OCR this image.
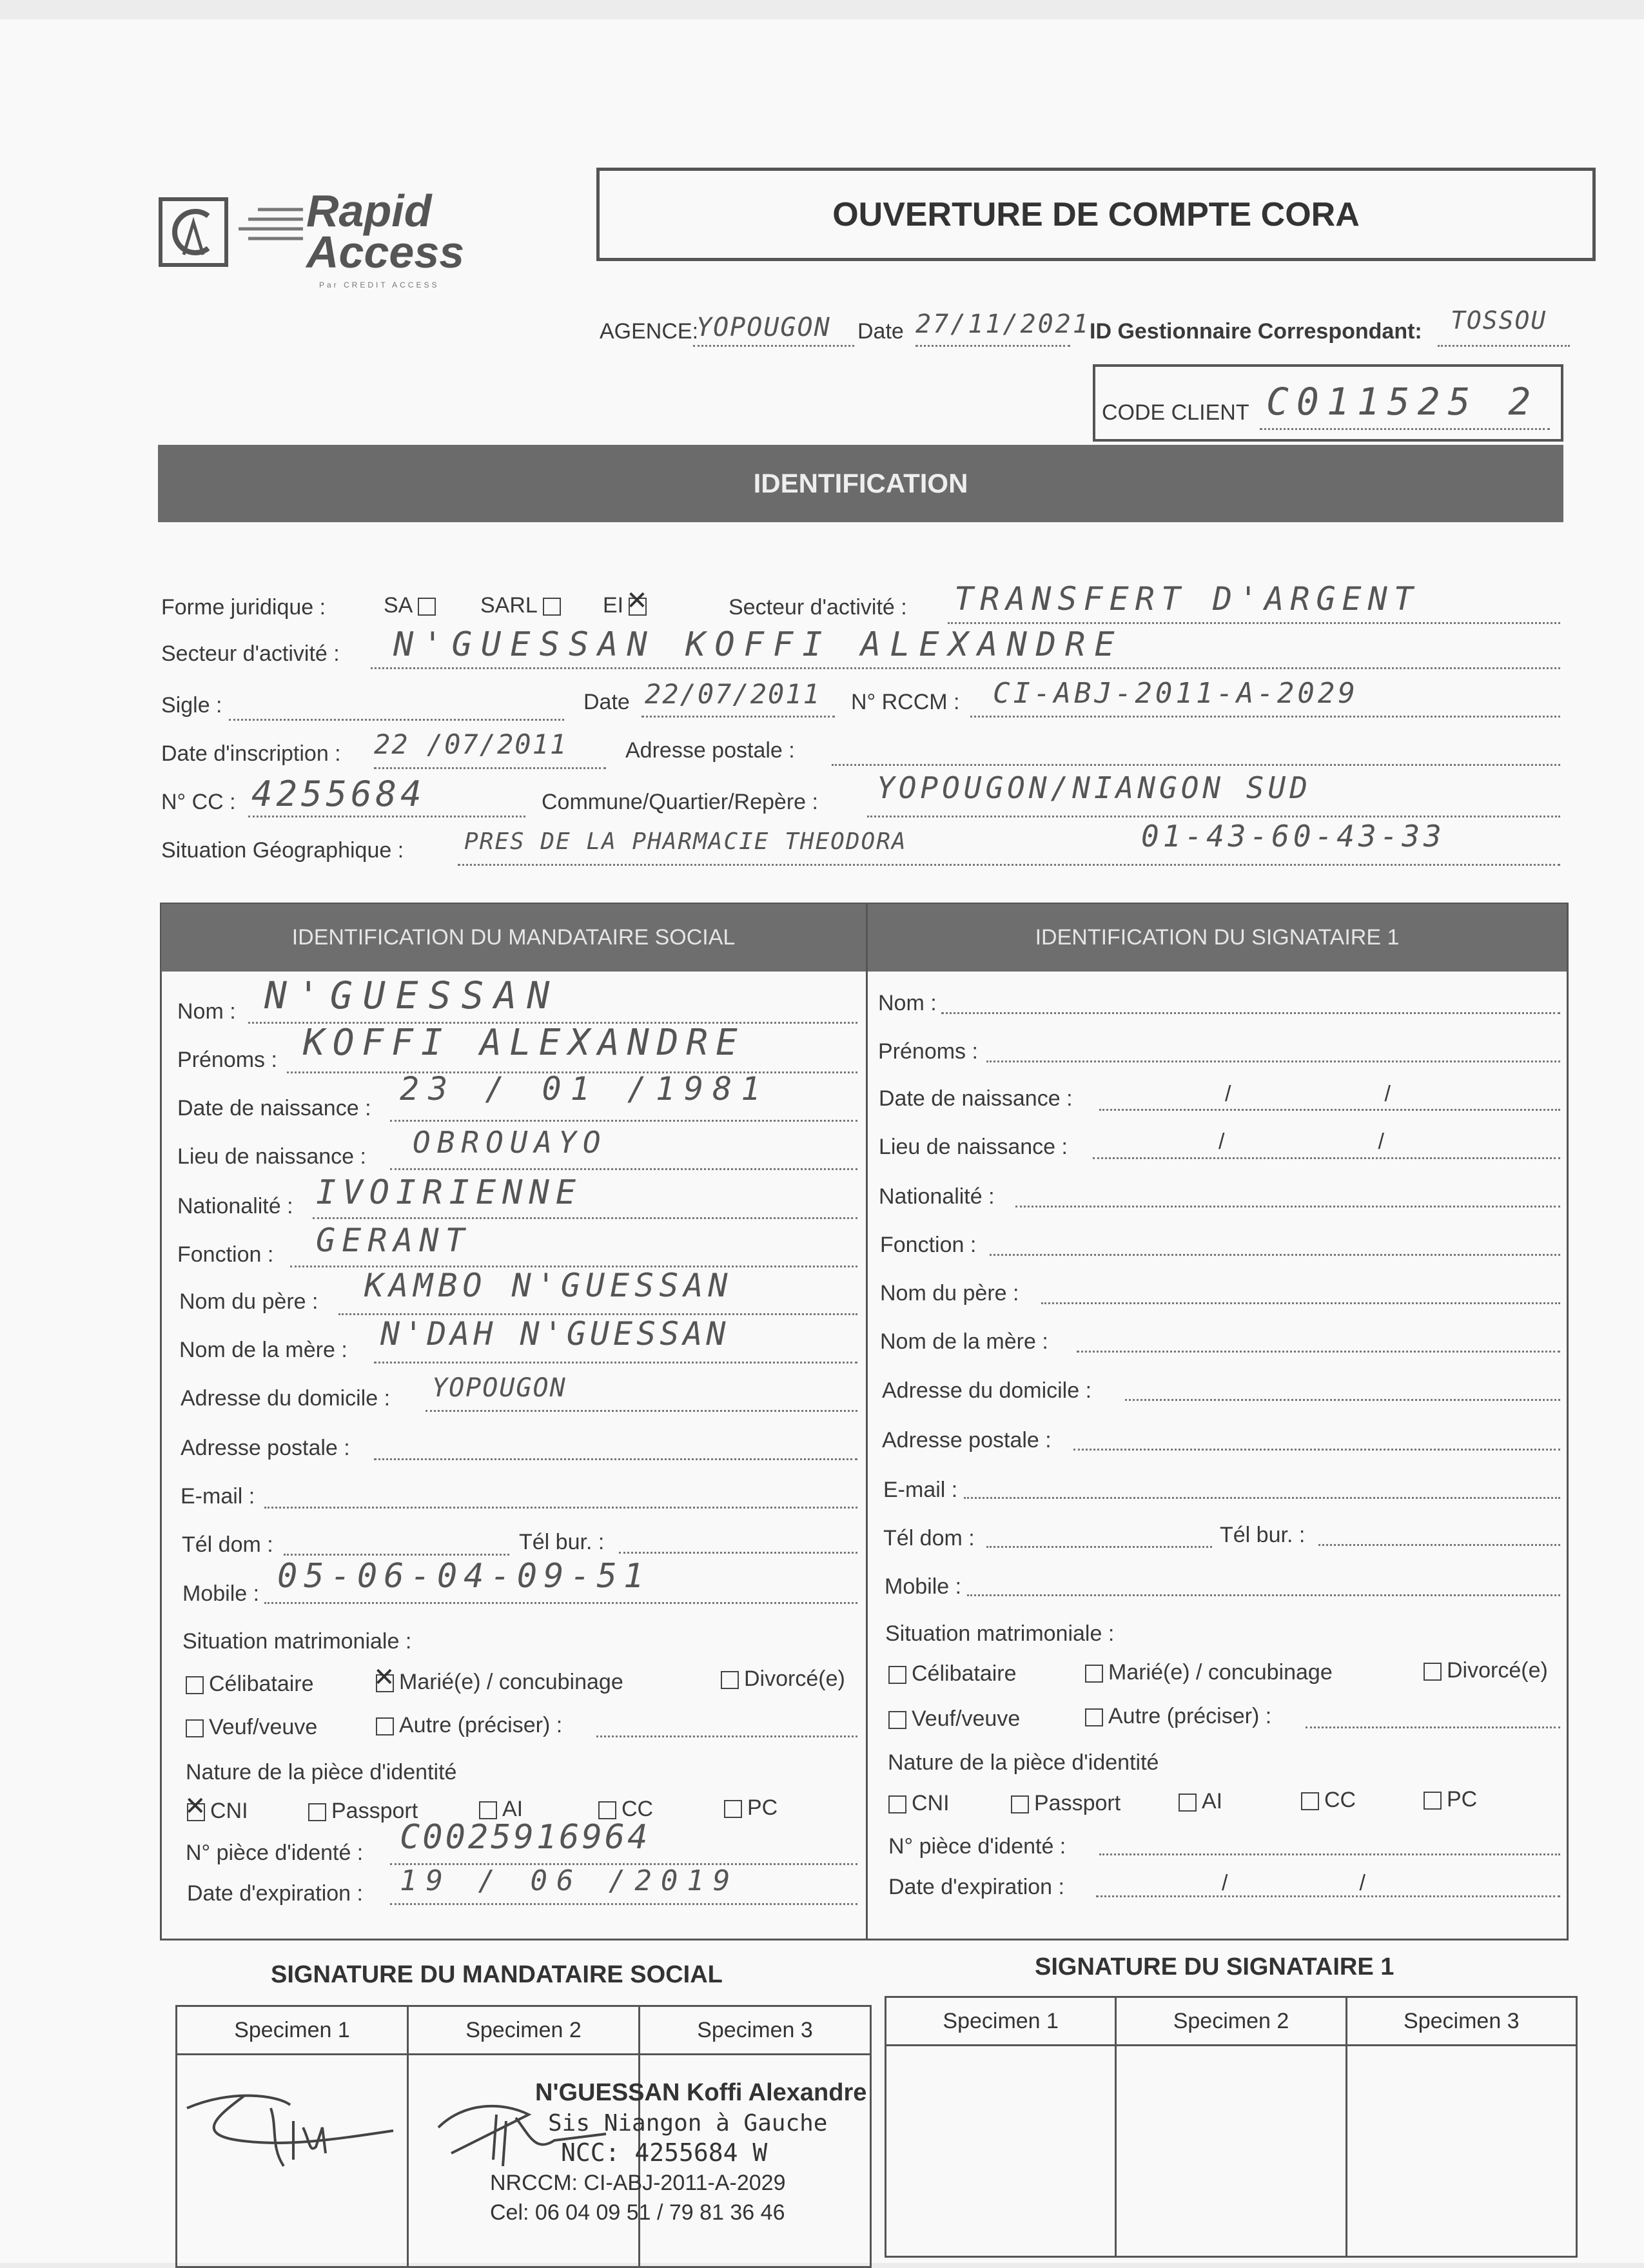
Rapid Access
Par CREDIT ACCESS
OUVERTURE DE COMPTE CORA
AGENCE:
YOPOUGON Date 27/11/2021 ID Gestionnaire Correspondant: TOSSOU
CODE CLIENT C011525 2
IDENTIFICATION
Forme juridique :	SA	SARL	EI ✕	Secteur d'activité : TRANSFERT D'ARGENT
Secteur d'activité : N'GUESSAN KOFFI ALEXANDRE
Sigle :	Date 22/07/2011 N° RCCM : CI-ABJ-2011-A-2029
Date d'inscription : 22 /07/2011	Adresse postale :
N° CC : 4255684	Commune/Quartier/Repère : YOPOUGON/NIANGON SUD
Situation Géographique :	PRES DE LA PHARMACIE THEODORA	01-43-60-43-33
IDENTIFICATION DU MANDATAIRE SOCIAL	IDENTIFICATION DU SIGNATAIRE 1
Nom : N'GUESSAN
Prénoms : KOFFI ALEXANDRE
Date de naissance :
23 / 01 /1981
Lieu de naissance : OBROUAYO
Nationalité : IVOIRIENNE
Fonction : GERANT
Nom du père : KAMBO N'GUESSAN
Nom de la mère : N'DAH N'GUESSAN
Adresse du domicile : YOPOUGON
Adresse postale :
E-mail :
Tél dom :	Tél bur. :
Mobile : 05-06-04-09-51
Situation matrimoniale :
Célibataire ✕	Marié(e) / concubinage	Divorcé(e)
Veuf/veuve	Autre (préciser) :
Nature de la pièce d'identité
✕CNI	Passport	AI	CC	PC
N° pièce d'identé : C0025916964
Date d'expiration : 19 / 06 /2019
Nom :
Prénoms :
Date de naissance :	/       /
Lieu de naissance :	/       /
Nationalité :
Fonction :
Nom du père :
Nom de la mère :
Adresse du domicile :
Adresse postale :
E-mail :
Tél dom :	Tél bur. :
Mobile :
Situation matrimoniale :
Célibataire	Marié(e) / concubinage	Divorcé(e)
Veuf/veuve	Autre (préciser) :
Nature de la pièce d'identité
CNI	Passport	AI	CC	PC
N° pièce d'identé :
Date d'expiration :	/      /
SIGNATURE DU MANDATAIRE SOCIAL	SIGNATURE DU SIGNATAIRE 1
Specimen 1	Specimen 2	Specimen 3
			Specimen 1	Specimen 2	Specimen 3

N'GUESSAN Koffi Alexandre
Sis Niangon à Gauche
NCC: 4255684 W
NRCCM: CI-ABJ-2011-A-2029
Cel: 06 04 09 51 / 79 81 36 46
